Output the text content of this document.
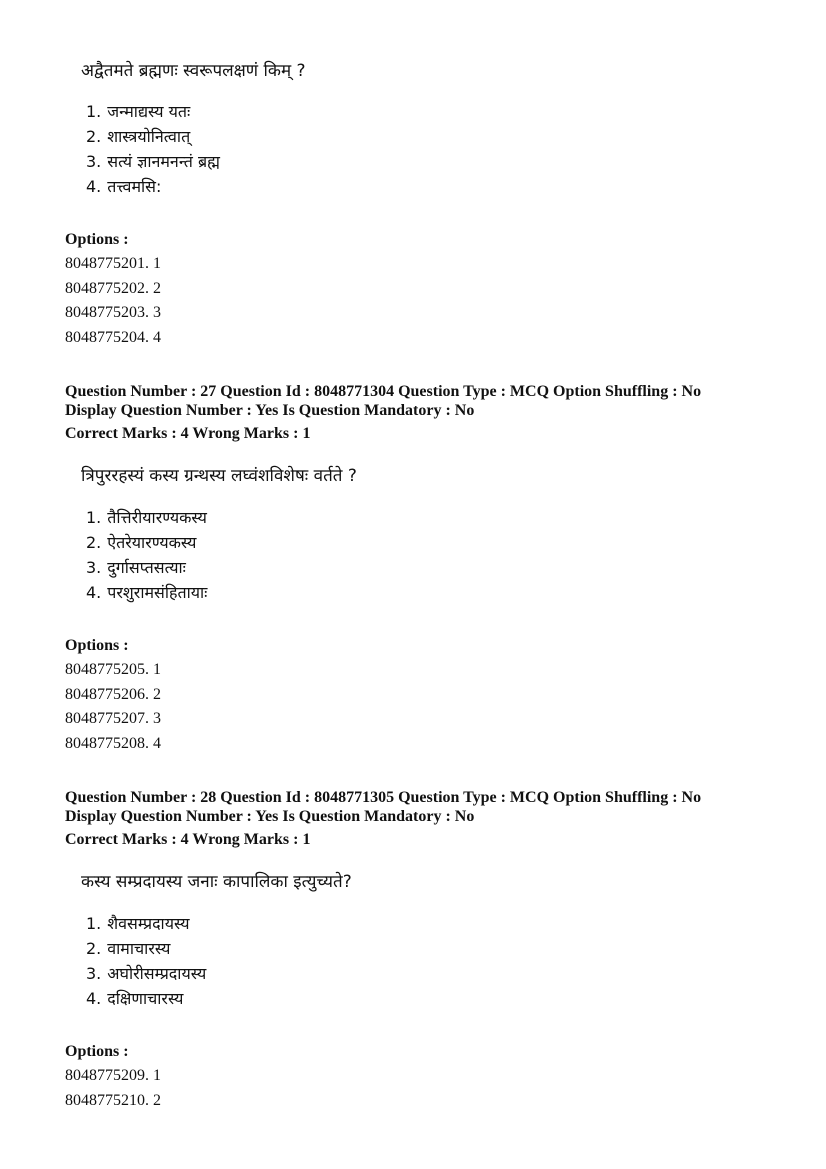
अद्वैतमते ब्रह्मणः स्वरूपलक्षणं किम् ?
1. जन्माद्यस्य यतः
2. शास्त्रयोनित्वात्
3. सत्यं ज्ञानमनन्तं ब्रह्म
4. तत्त्वमसि:
Options :
8048775201. 1
8048775202. 2
8048775203. 3
8048775204. 4
Question Number : 27 Question Id : 8048771304 Question Type : MCQ Option Shuffling : No
Display Question Number : Yes Is Question Mandatory : No
Correct Marks : 4 Wrong Marks : 1
त्रिपुररहस्यं कस्य ग्रन्थस्य लघ्वंशविशेषः वर्तते ?
1. तैत्तिरीयारण्यकस्य
2. ऐतरेयारण्यकस्य
3. दुर्गासप्तसत्याः
4. परशुरामसंहितायाः
Options :
8048775205. 1
8048775206. 2
8048775207. 3
8048775208. 4
Question Number : 28 Question Id : 8048771305 Question Type : MCQ Option Shuffling : No
Display Question Number : Yes Is Question Mandatory : No
Correct Marks : 4 Wrong Marks : 1
कस्य सम्प्रदायस्य जनाः कापालिका इत्युच्यते?
1. शैवसम्प्रदायस्य
2. वामाचारस्य
3. अघोरीसम्प्रदायस्य
4. दक्षिणाचारस्य
Options :
8048775209. 1
8048775210. 2
